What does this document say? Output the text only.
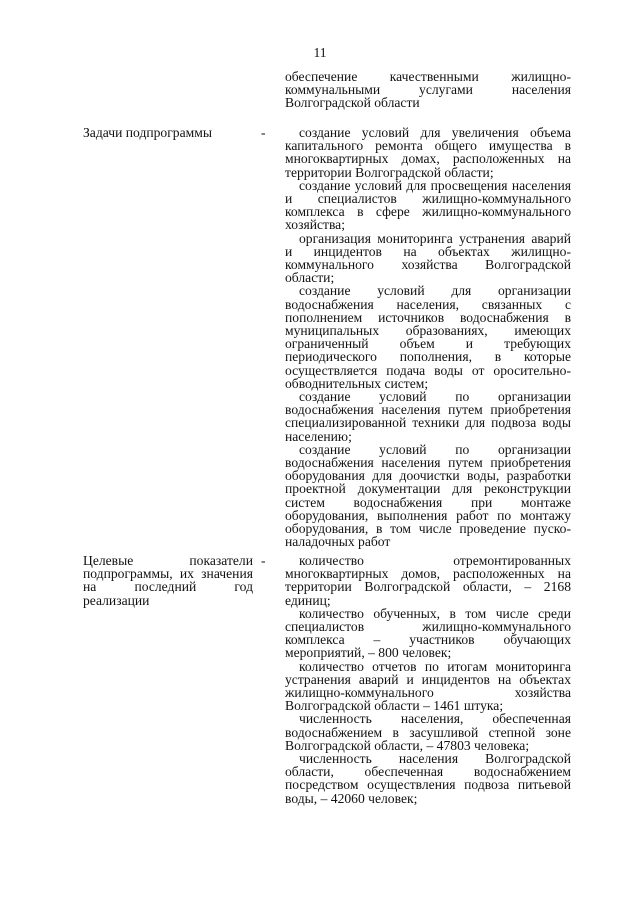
11
обеспечение качественными жилищно-коммунальными услугами населения Волгоградской области
Задачи подпрограммы	-	создание условий для увеличения объема капитального ремонта общего имущества в многоквартирных домах, расположенных на территории Волгоградской области;

создание условий для просвещения населения и специалистов жилищно-коммунального комплекса в сфере жилищно-коммунального хозяйства;

организация мониторинга устранения аварий и инцидентов на объектах жилищно-коммунального хозяйства Волгоградской области;

создание условий для организации водоснабжения населения, связанных с пополнением источников водоснабжения в муниципальных образованиях, имеющих ограниченный объем и требующих периодического пополнения, в которые осуществляется подача воды от оросительно-обводнительных систем;

создание условий по организации водоснабжения населения путем приобретения специализированной техники для подвоза воды населению;

создание условий по организации водоснабжения населения путем приобретения оборудования для доочистки воды, разработки проектной документации для реконструкции систем водоснабжения при монтаже оборудования, выполнения работ по монтажу оборудования, в том числе проведение пуско-наладочных работ

Целевые показатели подпрограммы, их значения на последний год реализации
-	количество отремонтированных многоквартирных домов, расположенных на территории Волгоградской области, – 2168 единиц;

количество обученных, в том числе среди специалистов жилищно-коммунального комплекса – участников обучающих мероприятий, – 800 человек;

количество отчетов по итогам мониторинга устранения аварий и инцидентов на объектах жилищно-коммунального хозяйства Волгоградской области – 1461 штука;

численность населения, обеспеченная водоснабжением в засушливой степной зоне Волгоградской области, – 47803 человека;

численность населения Волгоградской области, обеспеченная водоснабжением посредством осуществления подвоза питьевой воды, – 42060 человек;
